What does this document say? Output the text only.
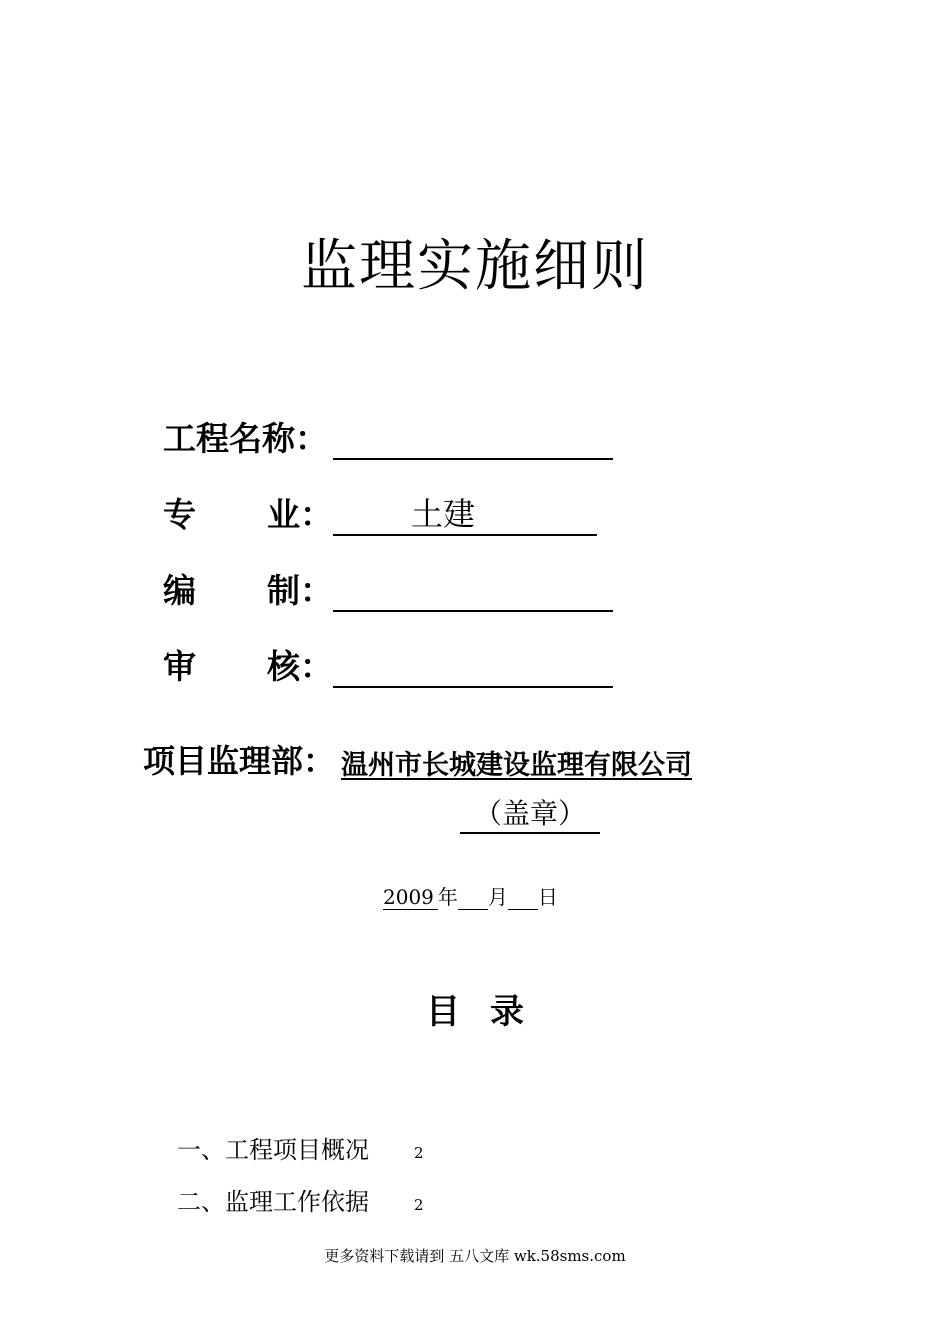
监理实施细则
工程名称：
专 业：	土建
编 制：
审 核：
项目监理部： 温州市长城建设监理有限公司
（盖章）
2009 年 月 日
目录
一、工程项目概况	2
二、监理工作依据	2
更多资料下载请到 五八文库 wk.58sms.com
